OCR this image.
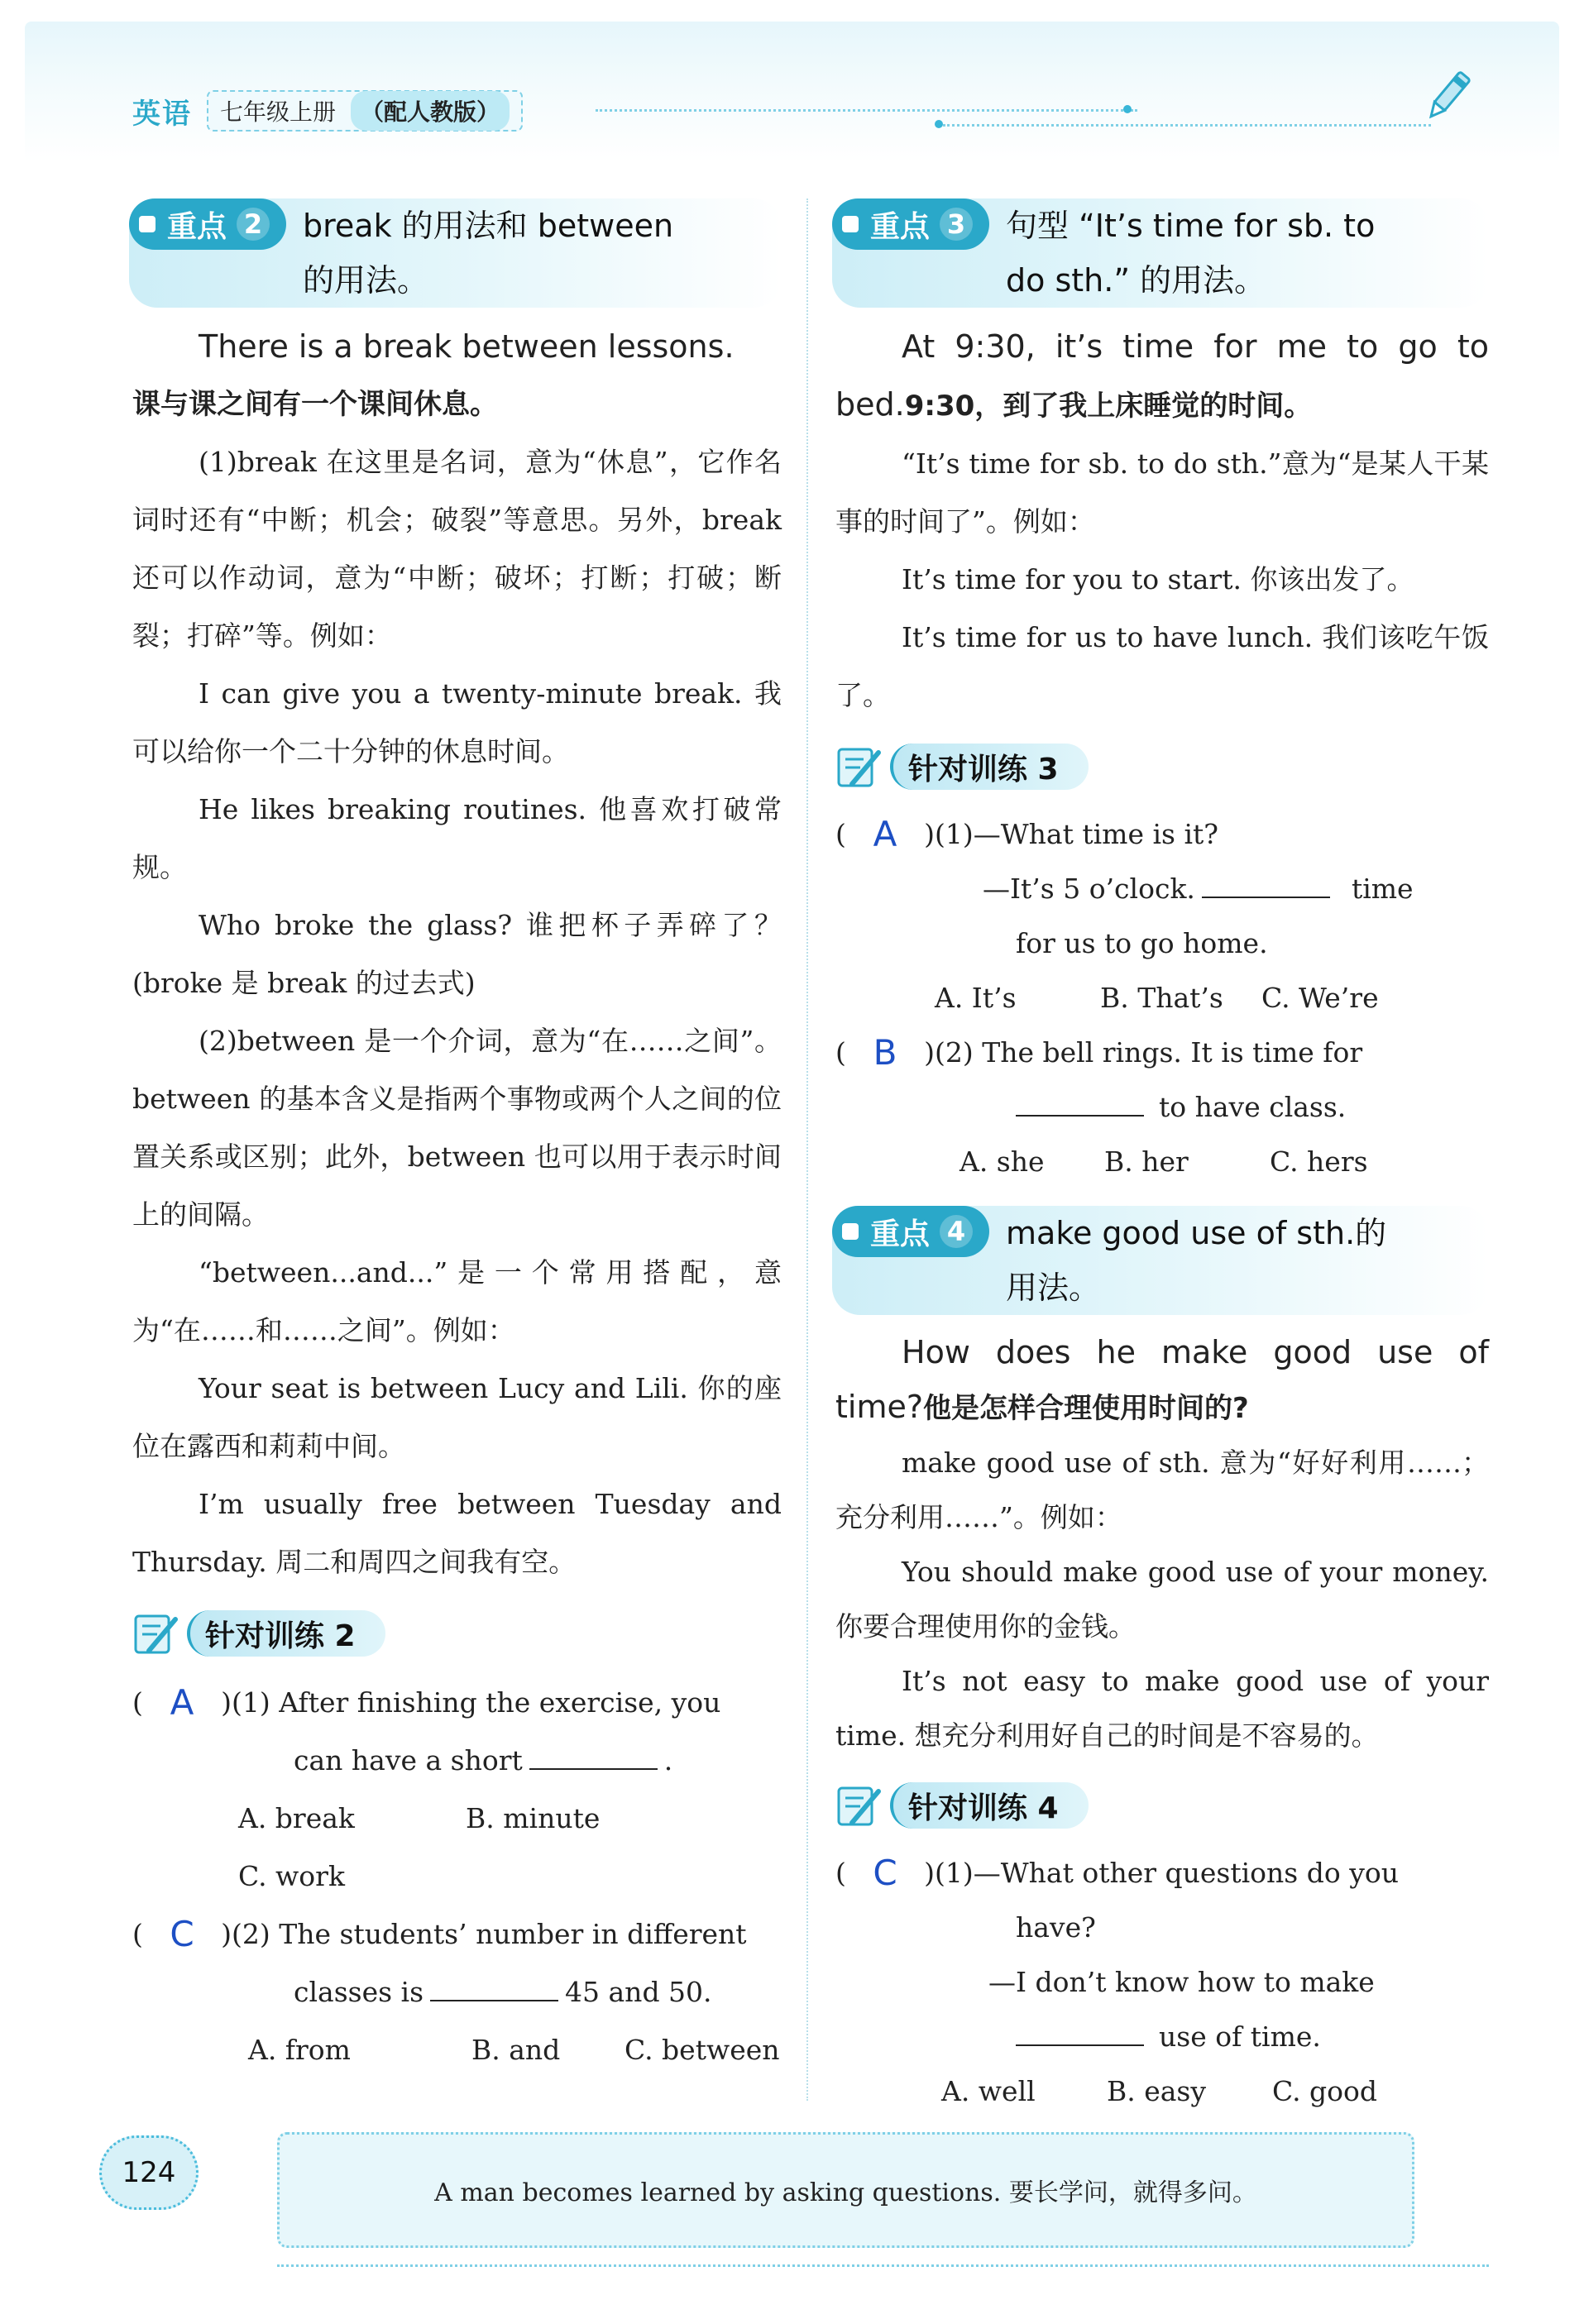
英语	七年级上册	（配人教版）
重点 2 break 的用法和 between
的用法。
There is a break between lessons.
课与课之间有一个课间休息。
(1)break 在这里是名词，意为“休息”，它作名词时还有“中断；机会；破裂”等意思。另外，break 还可以作动词，意为“中断；破坏；打断；打破；断裂；打碎”等。例如：
I can give you a twenty-minute break. 我可以给你一个二十分钟的休息时间。
He likes breaking routines. 他喜欢打破常规。
Who broke the glass? 谁把杯子弄碎了？(broke 是 break 的过去式)
(2)between 是一个介词，意为“在……之间”。between 的基本含义是指两个事物或两个人之间的位置关系或区别；此外，between 也可以用于表示时间上的间隔。
“between...and...”是一个常用搭配，意为“在……和……之间”。例如：
Your seat is between Lucy and Lili. 你的座位在露西和莉莉中间。
I’m usually free between Tuesday and Thursday. 周二和周四之间我有空。
针对训练 2
( A ) (1)
After finishing the exercise, you
can have a short	.
A. break	B. minute
C. work
( C ) (2)
The students’ number in different
classes is	45 and 50.
A. from	B. and	C. between
重点 3 句型 “It’s time for sb. to
do sth.” 的用法。
At 9:30, it’s time for me to go to bed.9:30，到了我上床睡觉的时间。
“It’s time for sb. to do sth.”意为“是某人干某事的时间了”。例如：
It’s time for you to start. 你该出发了。
It’s time for us to have lunch. 我们该吃午饭了。
针对训练 3
( A ) (1) —What time is it?
—It’s 5 o’clock.	time
for us to go home.
A. It’s	B. That’s	C. We’re
( B ) (2)
The bell rings. It is time for
to have class.
A. she	B. her	C. hers
重点 4 make good use of sth.的
用法。
How does he make good use of time?他是怎样合理使用时间的?
make good use of sth. 意为“好好利用……；充分利用……”。例如：
You should make good use of your money. 你要合理使用你的金钱。
It’s not easy to make good use of your time. 想充分利用好自己的时间是不容易的。
针对训练 4
( C ) (1) —What other questions do you
have?
—I don’t know how to make
use of time.
A. well	B. easy	C. good
124
A man becomes learned by asking questions. 要长学问，就得多问。
